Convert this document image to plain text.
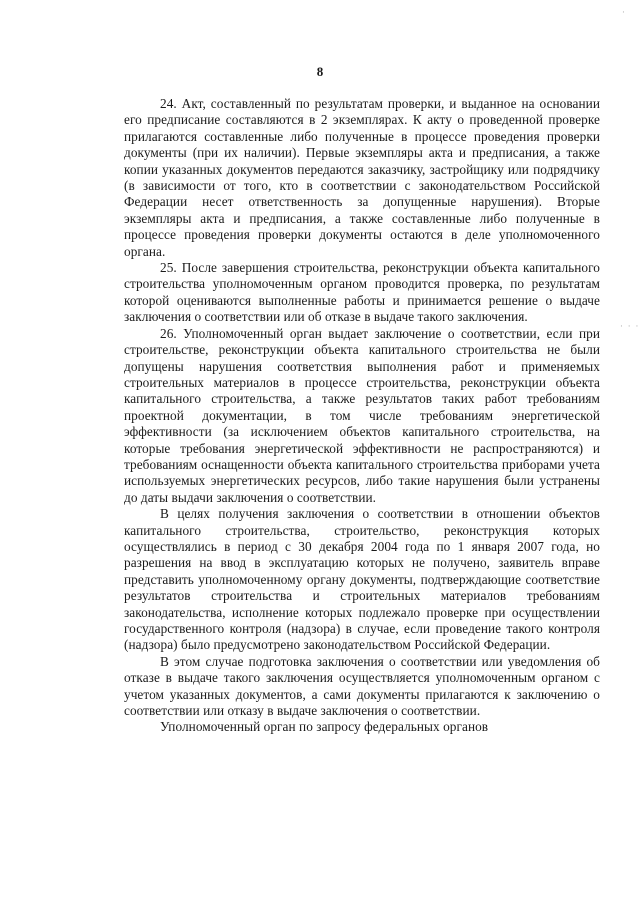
·
· · ·
8

24. Акт, составленный по результатам проверки, и выданное на основании его предписание составляются в 2 экземплярах. К акту о проведенной проверке прилагаются составленные либо полученные в процессе проведения проверки документы (при их наличии). Первые экземпляры акта и предписания, а также копии указанных документов передаются заказчику, застройщику или подрядчику (в зависимости от того, кто в соответствии с законодательством Российской Федерации несет ответственность за допущенные нарушения). Вторые экземпляры акта и предписания, а также составленные либо полученные в процессе проведения проверки документы остаются в деле уполномоченного органа.

25. После завершения строительства, реконструкции объекта капитального строительства уполномоченным органом проводится проверка, по результатам которой оцениваются выполненные работы и принимается решение о выдаче заключения о соответствии или об отказе в выдаче такого заключения.

26. Уполномоченный орган выдает заключение о соответствии, если при строительстве, реконструкции объекта капитального строительства не были допущены нарушения соответствия выполнения работ и применяемых строительных материалов в процессе строительства, реконструкции объекта капитального строительства, а также результатов таких работ требованиям проектной документации, в том числе требованиям энергетической эффективности (за исключением объектов капитального строительства, на которые требования энергетической эффективности не распространяются) и требованиям оснащенности объекта капитального строительства приборами учета используемых энергетических ресурсов, либо такие нарушения были устранены до даты выдачи заключения о соответствии.

В целях получения заключения о соответствии в отношении объектов капитального строительства, строительство, реконструкция которых осуществлялись в период с 30 декабря 2004 года по 1 января 2007 года, но разрешения на ввод в эксплуатацию которых не получено, заявитель вправе представить уполномоченному органу документы, подтверждающие соответствие результатов строительства и строительных материалов требованиям законодательства, исполнение которых подлежало проверке при осуществлении государственного контроля (надзора) в случае, если проведение такого контроля (надзора) было предусмотрено законодательством Российской Федерации.

В этом случае подготовка заключения о соответствии или уведомления об отказе в выдаче такого заключения осуществляется уполномоченным органом с учетом указанных документов, а сами документы прилагаются к заключению о соответствии или отказу в выдаче заключения о соответствии.

Уполномоченный орган по запросу федеральных органов
